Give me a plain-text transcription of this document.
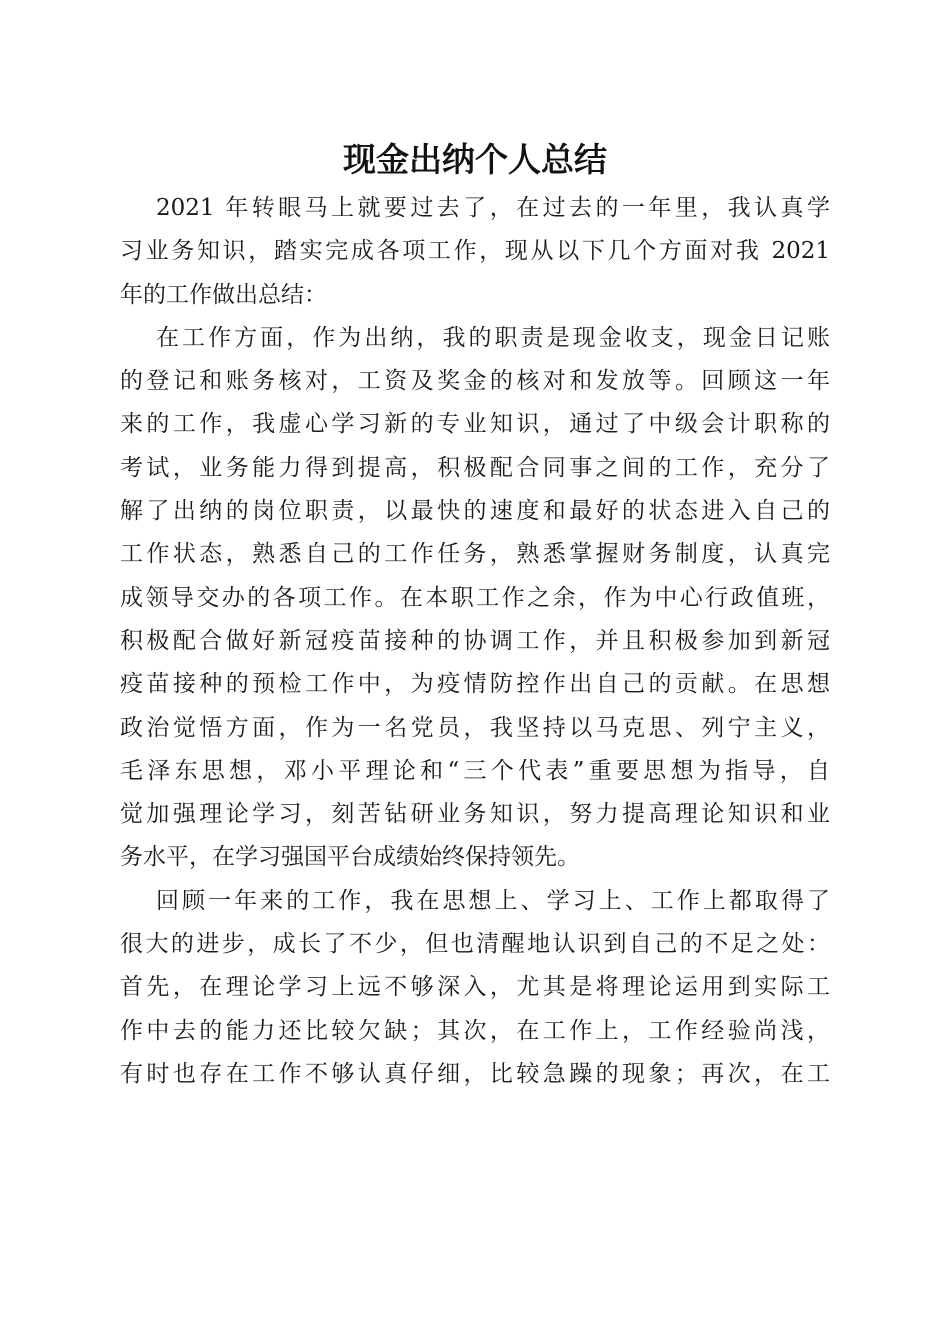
现金出纳个人总结
2021 年转眼马上就要过去了，在过去的一年里，我认真学
习业务知识，踏实完成各项工作，现从以下几个方面对我 2021
年的工作做出总结：
在工作方面，作为出纳，我的职责是现金收支，现金日记账
的登记和账务核对，工资及奖金的核对和发放等。回顾这一年
来的工作，我虚心学习新的专业知识，通过了中级会计职称的
考试，业务能力得到提高，积极配合同事之间的工作，充分了
解了出纳的岗位职责，以最快的速度和最好的状态进入自己的
工作状态，熟悉自己的工作任务，熟悉掌握财务制度，认真完
成领导交办的各项工作。在本职工作之余，作为中心行政值班，
积极配合做好新冠疫苗接种的协调工作，并且积极参加到新冠
疫苗接种的预检工作中，为疫情防控作出自己的贡献。在思想
政治觉悟方面，作为一名党员，我坚持以马克思、列宁主义，
毛泽东思想，邓小平理论和“三个代表”重要思想为指导，自
觉加强理论学习，刻苦钻研业务知识，努力提高理论知识和业
务水平，在学习强国平台成绩始终保持领先。
回顾一年来的工作，我在思想上、学习上、工作上都取得了
很大的进步，成长了不少，但也清醒地认识到自己的不足之处：
首先，在理论学习上远不够深入，尤其是将理论运用到实际工
作中去的能力还比较欠缺；其次，在工作上，工作经验尚浅，
有时也存在工作不够认真仔细，比较急躁的现象；再次，在工
